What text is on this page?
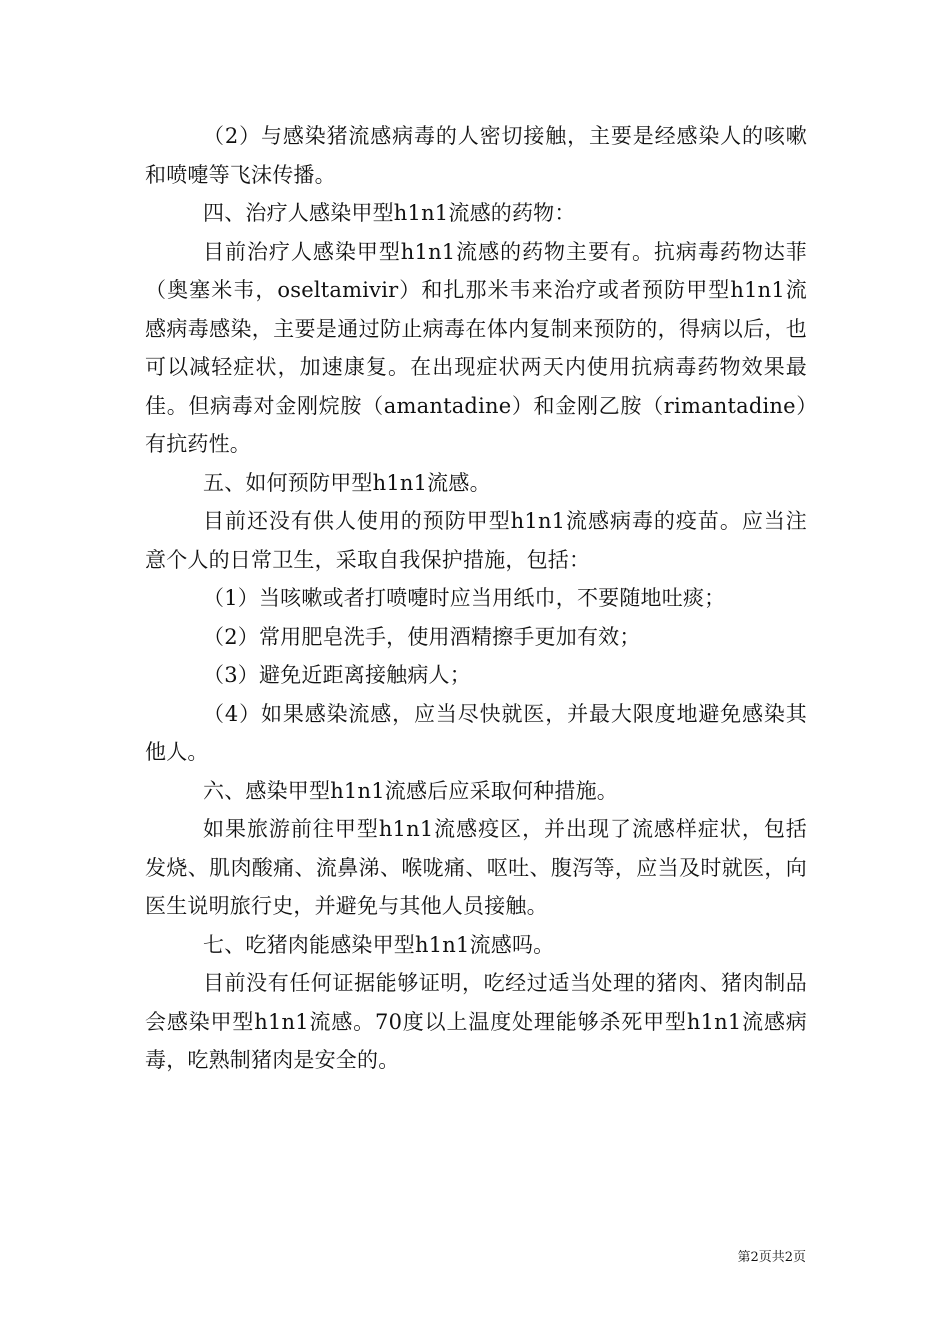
（2）与感染猪流感病毒的人密切接触，主要是经感染人的咳嗽和喷嚏等飞沫传播。

四、治疗人感染甲型h1n1流感的药物：

目前治疗人感染甲型h1n1流感的药物主要有。抗病毒药物达菲（奥塞米韦，oseltamivir）和扎那米韦来治疗或者预防甲型h1n1流感病毒感染，主要是通过防止病毒在体内复制来预防的，得病以后，也可以减轻症状，加速康复。在出现症状两天内使用抗病毒药物效果最佳。但病毒对金刚烷胺（amantadine）和金刚乙胺（rimantadine）有抗药性。

五、如何预防甲型h1n1流感。

目前还没有供人使用的预防甲型h1n1流感病毒的疫苗。应当注意个人的日常卫生，采取自我保护措施，包括：

（1）当咳嗽或者打喷嚏时应当用纸巾，不要随地吐痰；

（2）常用肥皂洗手，使用酒精擦手更加有效；

（3）避免近距离接触病人；

（4）如果感染流感，应当尽快就医，并最大限度地避免感染其他人。

六、感染甲型h1n1流感后应采取何种措施。

如果旅游前往甲型h1n1流感疫区，并出现了流感样症状，包括发烧、肌肉酸痛、流鼻涕、喉咙痛、呕吐、腹泻等，应当及时就医，向医生说明旅行史，并避免与其他人员接触。

七、吃猪肉能感染甲型h1n1流感吗。

目前没有任何证据能够证明，吃经过适当处理的猪肉、猪肉制品会感染甲型h1n1流感。70度以上温度处理能够杀死甲型h1n1流感病毒，吃熟制猪肉是安全的。

第2页共2页
